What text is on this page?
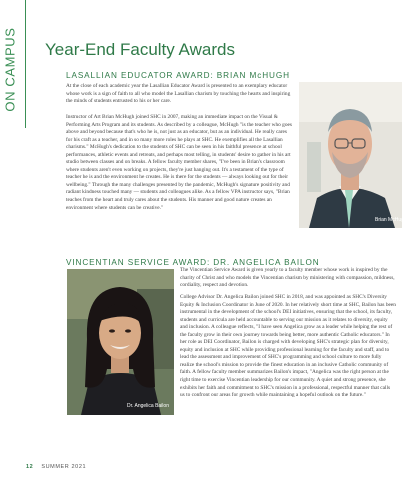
ON CAMPUS Year-End Faculty Awards
LASALLIAN EDUCATOR AWARD: BRIAN McHUGH

At the close of each academic year the Lasallian Educator Award is presented to an exemplary educator whose work is a sign of faith to all who model the Lasallian charism by touching the hearts and inspiring the minds of students entrusted to his or her care.

Instructor of Art Brian McHugh joined SHC in 2007, making an immediate impact on the Visual & Performing Arts Program and its students. As described by a colleague, McHugh "is the teacher who goes above and beyond because that's who he is, not just as an educator, but as an individual. He really cares for his craft as a teacher, and in so many more roles he plays at SHC. He exemplifies all the Lasallian charisms." McHugh's dedication to the students of SHC can be seen in his faithful presence at school performances, athletic events and retreats, and perhaps most telling, in students' desire to gather in his art studio between classes and on breaks. A fellow faculty member shares, "I've been in Brian's classroom where students aren't even working on projects, they're just hanging out. It's a testament of the type of teacher he is and the environment he creates. He is there for the students — always looking out for their wellbeing." Through the many challenges presented by the pandemic, McHugh's signature positivity and radiant kindness touched many — students and colleagues alike. As a fellow VPA instructor says, "Brian teaches from the heart and truly cares about the students. His manner and good nature creates an environment where students can be creative."

Brian McHugh
VINCENTIAN SERVICE AWARD: DR. ANGELICA BAILON

The Vincentian Service Award is given yearly to a faculty member whose work is inspired by the charity of Christ and who models the Vincentian charism by ministering with compassion, mildness, cordiality, respect and devotion.

College Advisor Dr. Angelica Bailon joined SHC in 2018, and was appointed as SHC's Diversity Equity & Inclusion Coordinator in June of 2020. In her relatively short time at SHC, Bailon has been instrumental in the development of the school's DEI initiatives, ensuring that the school, its faculty, students and curricula are held accountable to serving our mission as it relates to diversity, equity and inclusion. A colleague reflects, "I have seen Angelica grow as a leader while helping the rest of the faculty grow in their own journey towards being better, more authentic Catholic educators." In her role as DEI Coordinator, Bailon is charged with developing SHC's strategic plan for diversity, equity and inclusion at SHC while providing professional learning for the faculty and staff, and to lead the assessment and improvement of SHC's programming and school culture to more fully realize the school's mission to provide the finest education in an inclusive Catholic community of faith. A fellow faculty member summarizes Bailon's impact, "Angelica was the right person at the right time to exercise Vincentian leadership for our community. A quiet and strong presence, she exhibits her faith and commitment to SHC's mission in a professional, respectful manner that calls us to confront our areas for growth while maintaining a hopeful outlook on the future."

Dr. Angelica Bailon
12 SUMMER 2021
